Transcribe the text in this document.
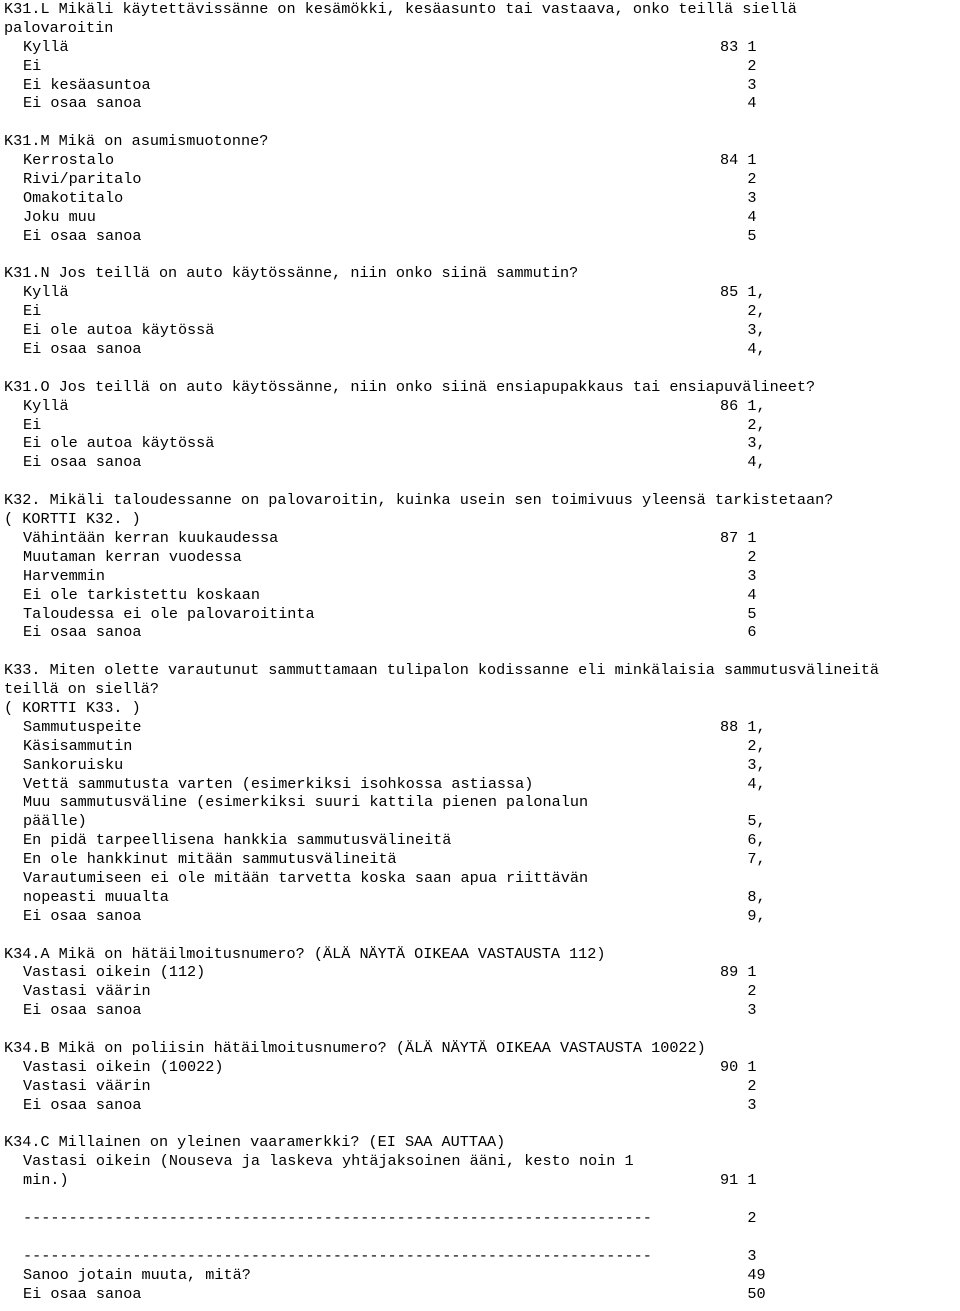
K31.L Mikäli käytettävissänne on kesämökki, kesäasunto tai vastaava, onko teillä siellä
palovaroitin
Kyllä	83 1
Ei	2
Ei kesäasuntoa	3
Ei osaa sanoa	4
K31.M Mikä on asumismuotonne?
Kerrostalo	84 1
Rivi/paritalo	2
Omakotitalo	3
Joku muu	4
Ei osaa sanoa	5
K31.N Jos teillä on auto käytössänne, niin onko siinä sammutin?
Kyllä	85 1,
Ei	2,
Ei ole autoa käytössä	3,
Ei osaa sanoa	4,
K31.O Jos teillä on auto käytössänne, niin onko siinä ensiapupakkaus tai ensiapuvälineet?
Kyllä	86 1,
Ei	2,
Ei ole autoa käytössä	3,
Ei osaa sanoa	4,
K32. Mikäli taloudessanne on palovaroitin, kuinka usein sen toimivuus yleensä tarkistetaan?
( KORTTI K32. )
Vähintään kerran kuukaudessa	87 1
Muutaman kerran vuodessa	2
Harvemmin	3
Ei ole tarkistettu koskaan	4
Taloudessa ei ole palovaroitinta	5
Ei osaa sanoa	6
K33. Miten olette varautunut sammuttamaan tulipalon kodissanne eli minkälaisia sammutusvälineitä
teillä on siellä?
( KORTTI K33. )
Sammutuspeite	88 1,
Käsisammutin	2,
Sankoruisku	3,
Vettä sammutusta varten (esimerkiksi isohkossa astiassa)	4,
Muu sammutusväline (esimerkiksi suuri kattila pienen palonalun
päälle)	5,
En pidä tarpeellisena hankkia sammutusvälineitä	6,
En ole hankkinut mitään sammutusvälineitä	7,
Varautumiseen ei ole mitään tarvetta koska saan apua riittävän
nopeasti muualta	8,
Ei osaa sanoa	9,
K34.A Mikä on hätäilmoitusnumero? (ÄLÄ NÄYTÄ OIKEAA VASTAUSTA 112)
Vastasi oikein (112)	89 1
Vastasi väärin	2
Ei osaa sanoa	3
K34.B Mikä on poliisin hätäilmoitusnumero? (ÄLÄ NÄYTÄ OIKEAA VASTAUSTA 10022)
Vastasi oikein (10022)	90 1
Vastasi väärin	2
Ei osaa sanoa	3
K34.C Millainen on yleinen vaaramerkki? (EI SAA AUTTAA)
Vastasi oikein (Nouseva ja laskeva yhtäjaksoinen ääni, kesto noin 1
min.)	91 1
---------------------------------------------------------------------	2
---------------------------------------------------------------------	3
Sanoo jotain muuta, mitä?	49
Ei osaa sanoa	50
